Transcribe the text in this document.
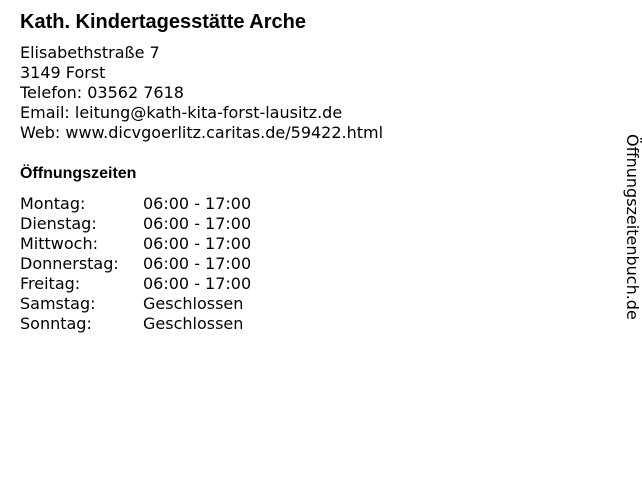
Kath. Kindertagesstätte Arche
Elisabethstraße 7
3149 Forst
Telefon: 03562 7618
Email: leitung@kath-kita-forst-lausitz.de
Web: www.dicvgoerlitz.caritas.de/59422.html
Öffnungszeiten
Montag:	06:00 - 17:00
Dienstag:	06:00 - 17:00
Mittwoch:	06:00 - 17:00
Donnerstag:	06:00 - 17:00
Freitag:	06:00 - 17:00
Samstag:	Geschlossen
Sonntag:	Geschlossen
Öffnungszeitenbuch.de
